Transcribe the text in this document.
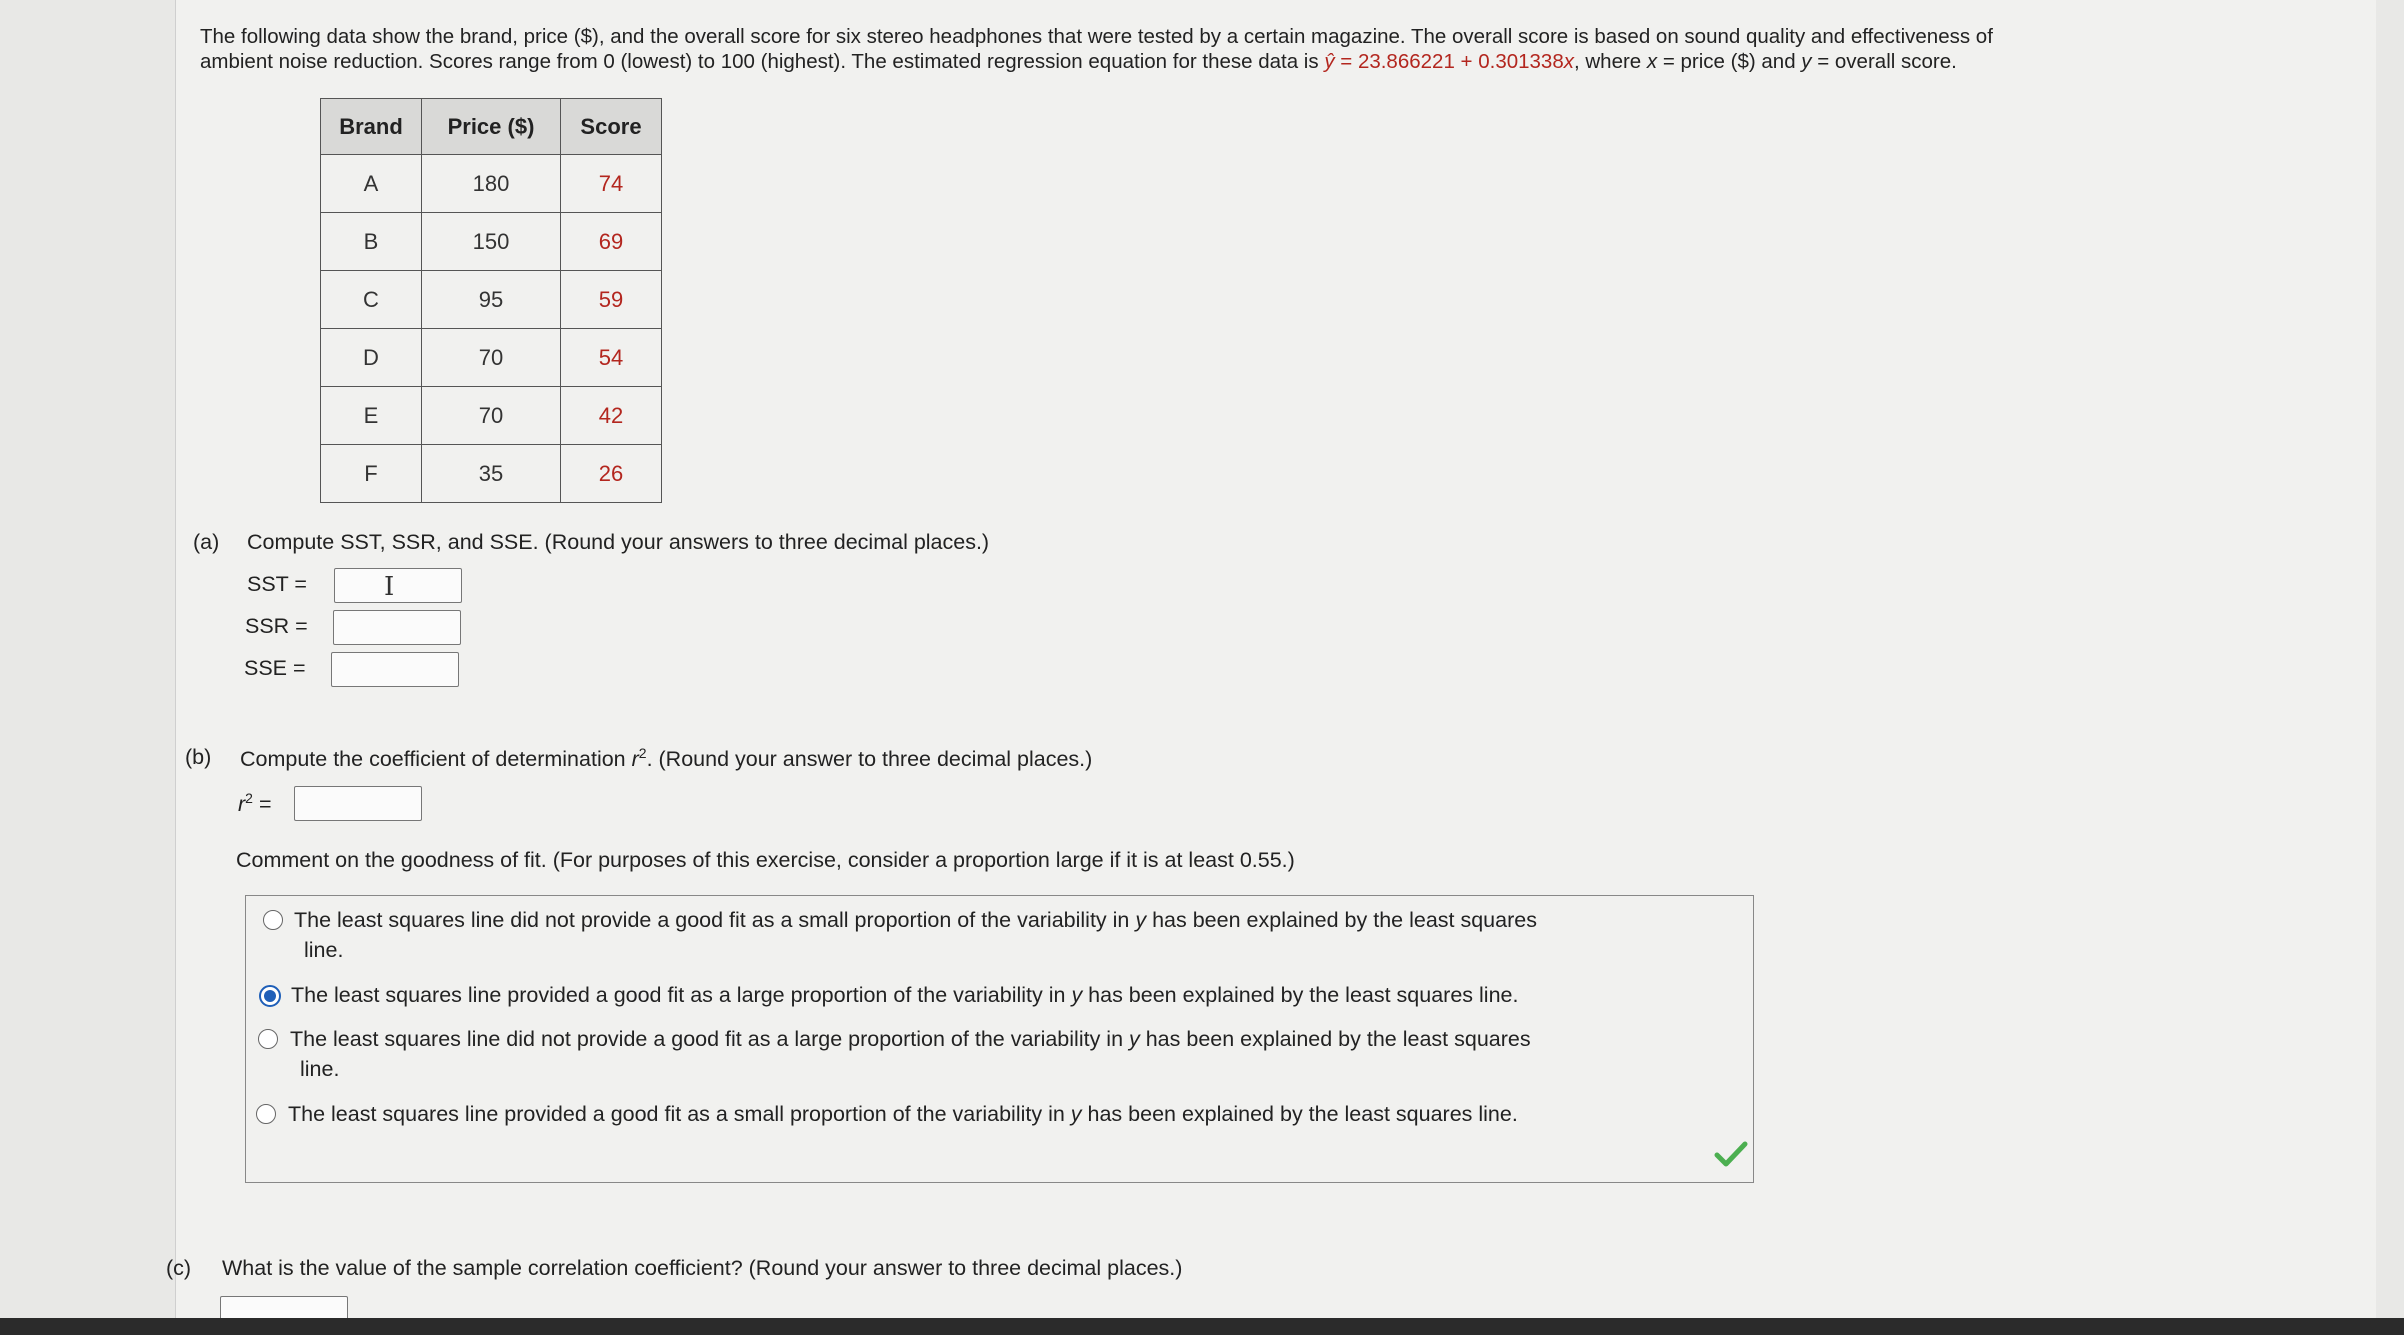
The following data show the brand, price ($), and the overall score for six stereo headphones that were tested by a certain magazine. The overall score is based on sound quality and effectiveness of
ambient noise reduction. Scores range from 0 (lowest) to 100 (highest). The estimated regression equation for these data is ŷ = 23.866221 + 0.301338x, where x = price ($) and y = overall score.
Brand	Price ($)	Score
A	180	74
B	150	69
C	95	59
D	70	54
E	70	42
F	35	26
(a) Compute SST, SSR, and SSE. (Round your answers to three decimal places.)
SST =	I
SSR =
SSE =
(b) Compute the coefficient of determination $r^2$. (Round your answer to three decimal places.)
$r^2$ =
Comment on the goodness of fit. (For purposes of this exercise, consider a proportion large if it is at least 0.55.)
The least squares line did not provide a good fit as a small proportion of the variability in y has been explained by the least squares
line.
The least squares line provided a good fit as a large proportion of the variability in y has been explained by the least squares line.
The least squares line did not provide a good fit as a large proportion of the variability in y has been explained by the least squares
line.
The least squares line provided a good fit as a small proportion of the variability in y has been explained by the least squares line.
(c) What is the value of the sample correlation coefficient? (Round your answer to three decimal places.)
